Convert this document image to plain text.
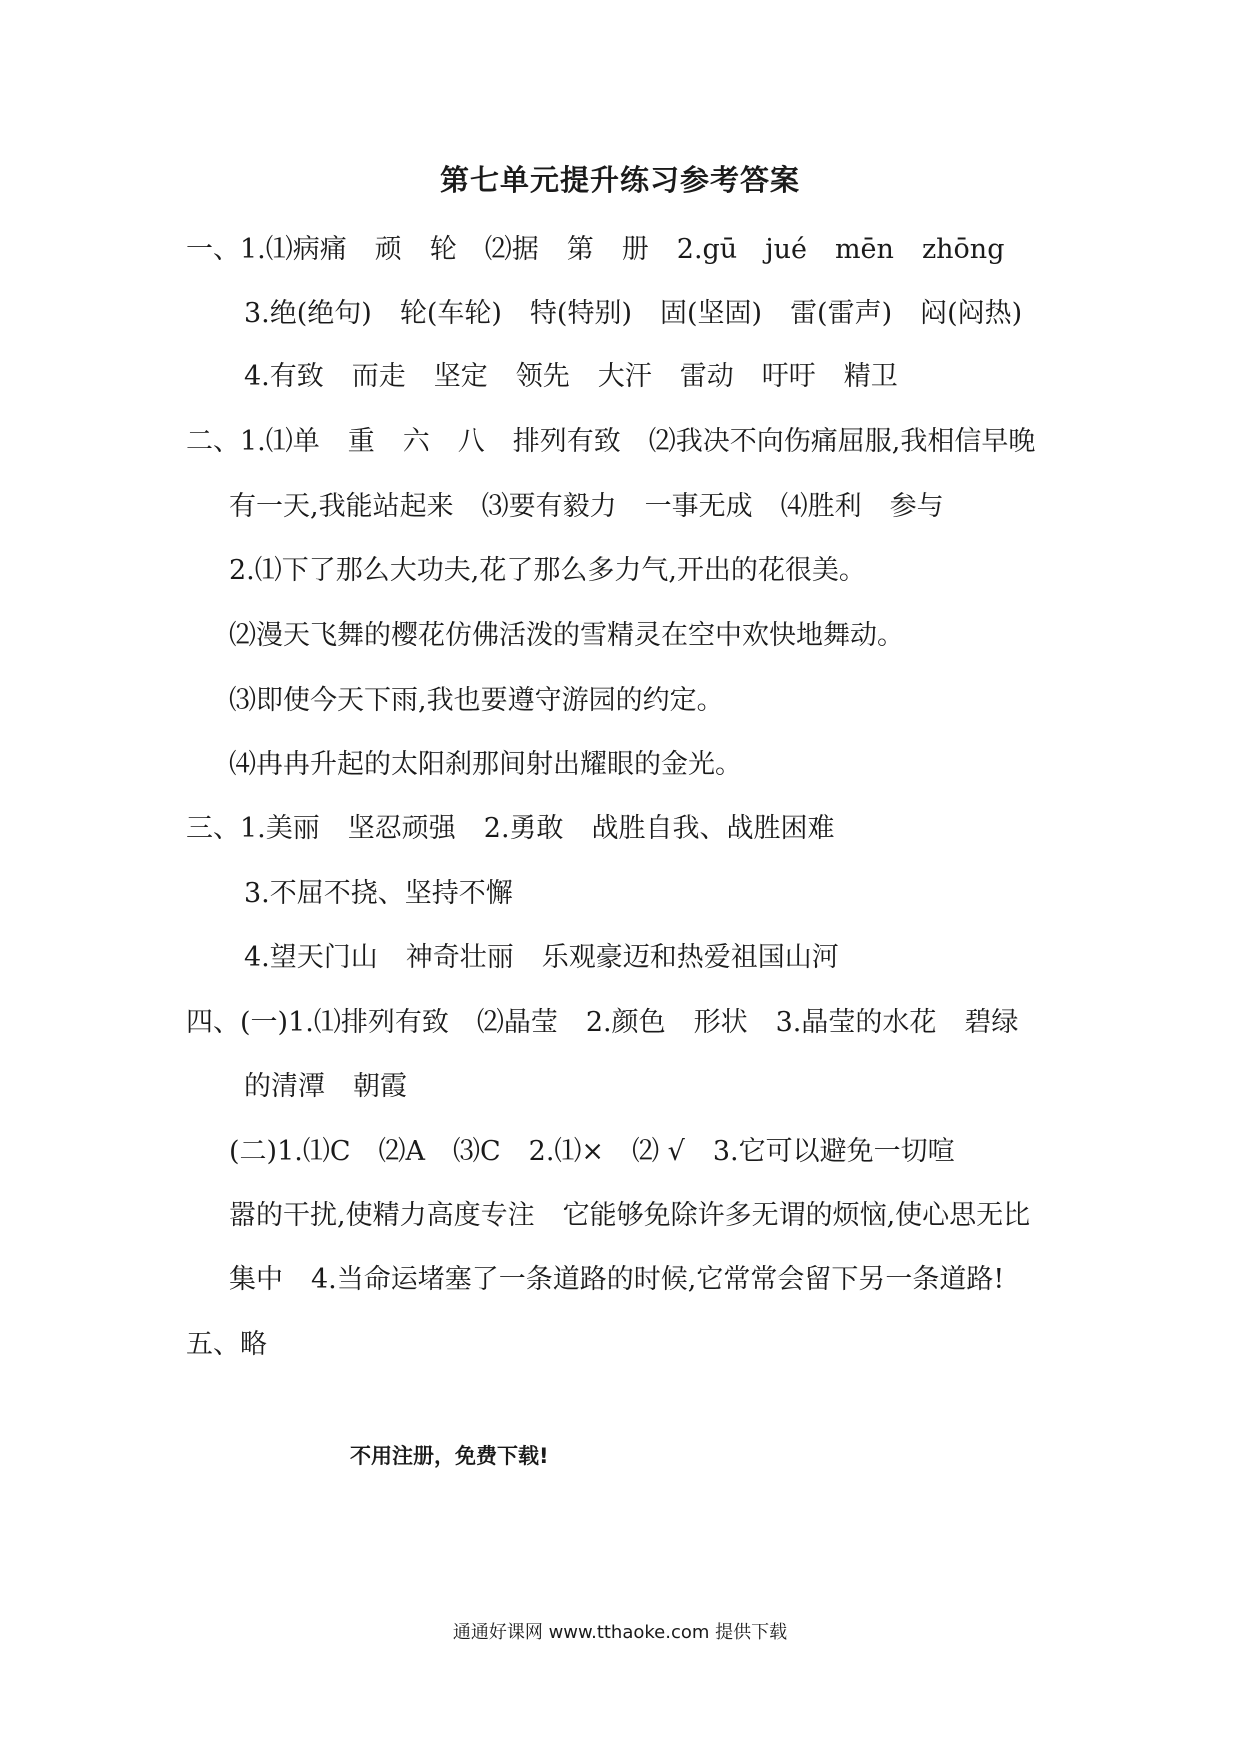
第七单元提升练习参考答案
一、1.⑴病痛 顽 轮 ⑵据 第 册 2.gū jué mēn zhōng
3.绝(绝句) 轮(车轮) 特(特别) 固(坚固) 雷(雷声) 闷(闷热)
4.有致 而走 坚定 领先 大汗 雷动 吁吁 精卫
二、1.⑴单 重 六 八 排列有致 ⑵我决不向伤痛屈服,我相信早晚
有一天,我能站起来 ⑶要有毅力 一事无成 ⑷胜利 参与
2.⑴下了那么大功夫,花了那么多力气,开出的花很美。
⑵漫天飞舞的樱花仿佛活泼的雪精灵在空中欢快地舞动。
⑶即使今天下雨,我也要遵守游园的约定。
⑷冉冉升起的太阳刹那间射出耀眼的金光。
三、1.美丽 坚忍顽强 2.勇敢 战胜自我、战胜困难
3.不屈不挠、坚持不懈
4.望天门山 神奇壮丽 乐观豪迈和热爱祖国山河
四、(一)1.⑴排列有致 ⑵晶莹 2.颜色 形状 3.晶莹的水花 碧绿
的清潭 朝霞
(二)1.⑴C ⑵A ⑶C 2.⑴× ⑵ √ 3.它可以避免一切喧
嚣的干扰,使精力高度专注 它能够免除许多无谓的烦恼,使心思无比
集中 4.当命运堵塞了一条道路的时候,它常常会留下另一条道路!
五、略
不用注册，免费下载!
通通好课网 www.tthaoke.com 提供下载
